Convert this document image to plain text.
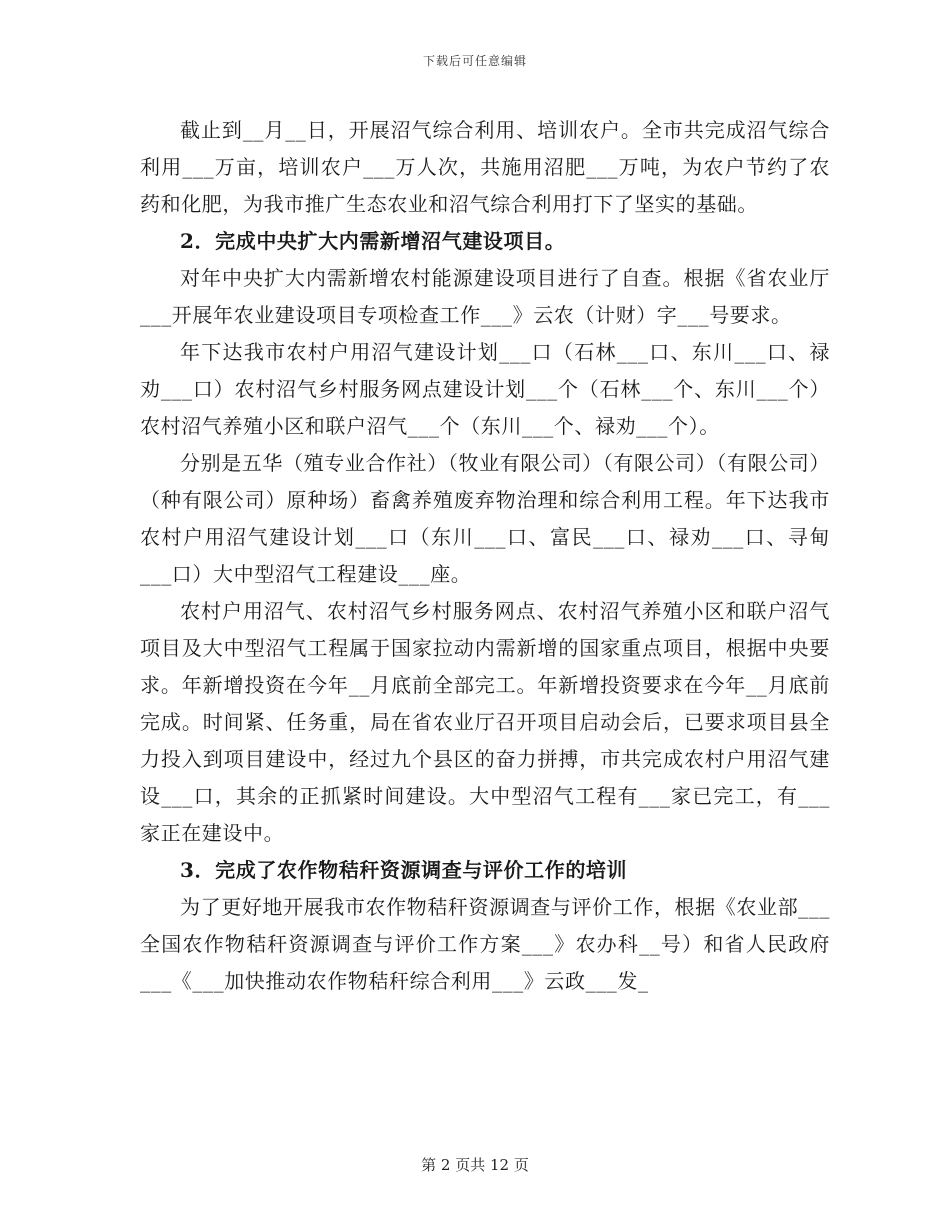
下载后可任意编辑

截止到__月__日，开展沼气综合利用、培训农户。全市共完成沼气综合利用___万亩，培训农户___万人次，共施用沼肥___万吨，为农户节约了农药和化肥，为我市推广生态农业和沼气综合利用打下了坚实的基础。

2．完成中央扩大内需新增沼气建设项目。

对年中央扩大内需新增农村能源建设项目进行了自查。根据《省农业厅___开展年农业建设项目专项检查工作___》云农（计财）字___号要求。

年下达我市农村户用沼气建设计划___口（石林___口、东川___口、禄劝___口）农村沼气乡村服务网点建设计划___个（石林___个、东川___个）农村沼气养殖小区和联户沼气___个（东川___个、禄劝___个）。

分别是五华（殖专业合作社）（牧业有限公司）（有限公司）（有限公司）（种有限公司）原种场）畜禽养殖废弃物治理和综合利用工程。年下达我市农村户用沼气建设计划___口（东川___口、富民___口、禄劝___口、寻甸___口）大中型沼气工程建设___座。

农村户用沼气、农村沼气乡村服务网点、农村沼气养殖小区和联户沼气项目及大中型沼气工程属于国家拉动内需新增的国家重点项目，根据中央要求。年新增投资在今年__月底前全部完工。年新增投资要求在今年__月底前完成。时间紧、任务重，局在省农业厅召开项目启动会后，已要求项目县全力投入到项目建设中，经过九个县区的奋力拼搏，市共完成农村户用沼气建设___口，其余的正抓紧时间建设。大中型沼气工程有___家已完工，有___家正在建设中。

3．完成了农作物秸秆资源调查与评价工作的培训

为了更好地开展我市农作物秸秆资源调查与评价工作，根据《农业部___全国农作物秸秆资源调查与评价工作方案___》农办科__号）和省人民政府___《___加快推动农作物秸秆综合利用___》云政___发_

第 2 页共 12 页
